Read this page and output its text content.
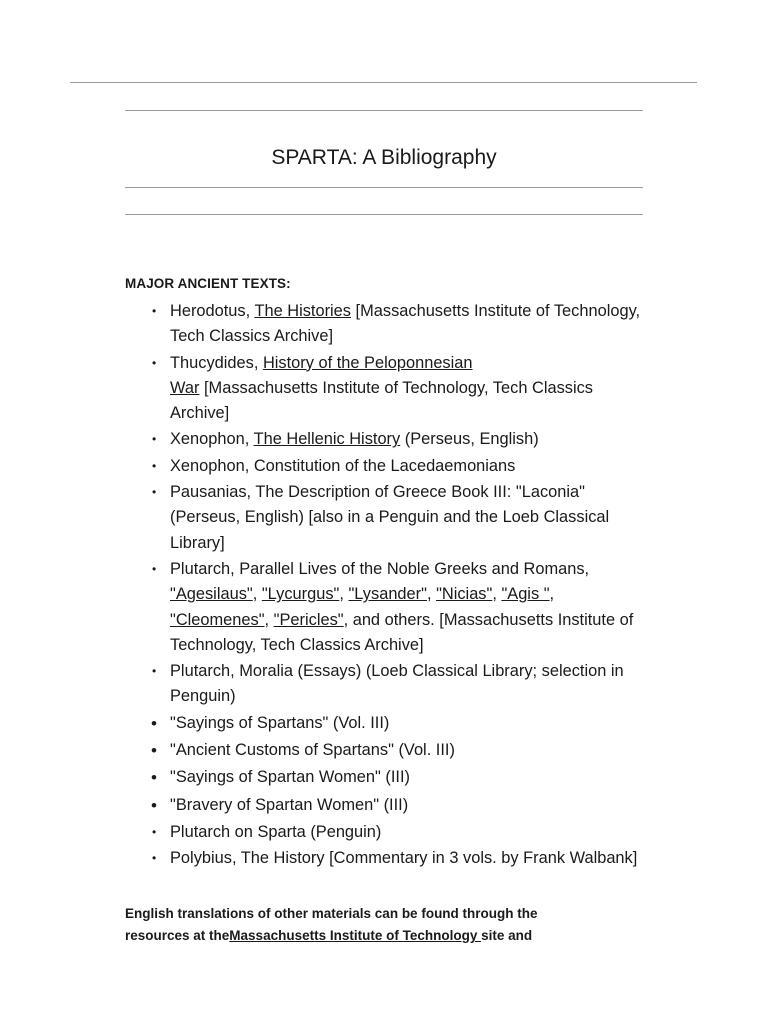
SPARTA: A Bibliography

MAJOR ANCIENT TEXTS:

• Herodotus, The Histories [Massachusetts Institute of Technology, Tech Classics Archive]
• Thucydides, History of the Peloponnesian
War [Massachusetts Institute of Technology, Tech Classics Archive]
• Xenophon, The Hellenic History (Perseus, English)
• Xenophon, Constitution of the Lacedaemonians
• Pausanias, The Description of Greece Book III: "Laconia" (Perseus, English) [also in a Penguin and the Loeb Classical Library]
• Plutarch, Parallel Lives of the Noble Greeks and Romans, "Agesilaus", "Lycurgus", "Lysander", "Nicias", "Agis ", "Cleomenes", "Pericles", and others. [Massachusetts Institute of Technology, Tech Classics Archive]
• Plutarch, Moralia (Essays) (Loeb Classical Library; selection in Penguin)
• "Sayings of Spartans" (Vol. III)
• "Ancient Customs of Spartans" (Vol. III)
• "Sayings of Spartan Women" (III)
• "Bravery of Spartan Women" (III)
• Plutarch on Sparta (Penguin)
• Polybius, The History [Commentary in 3 vols. by Frank Walbank]

English translations of other materials can be found through the resources at theMassachusetts Institute of Technology site and
